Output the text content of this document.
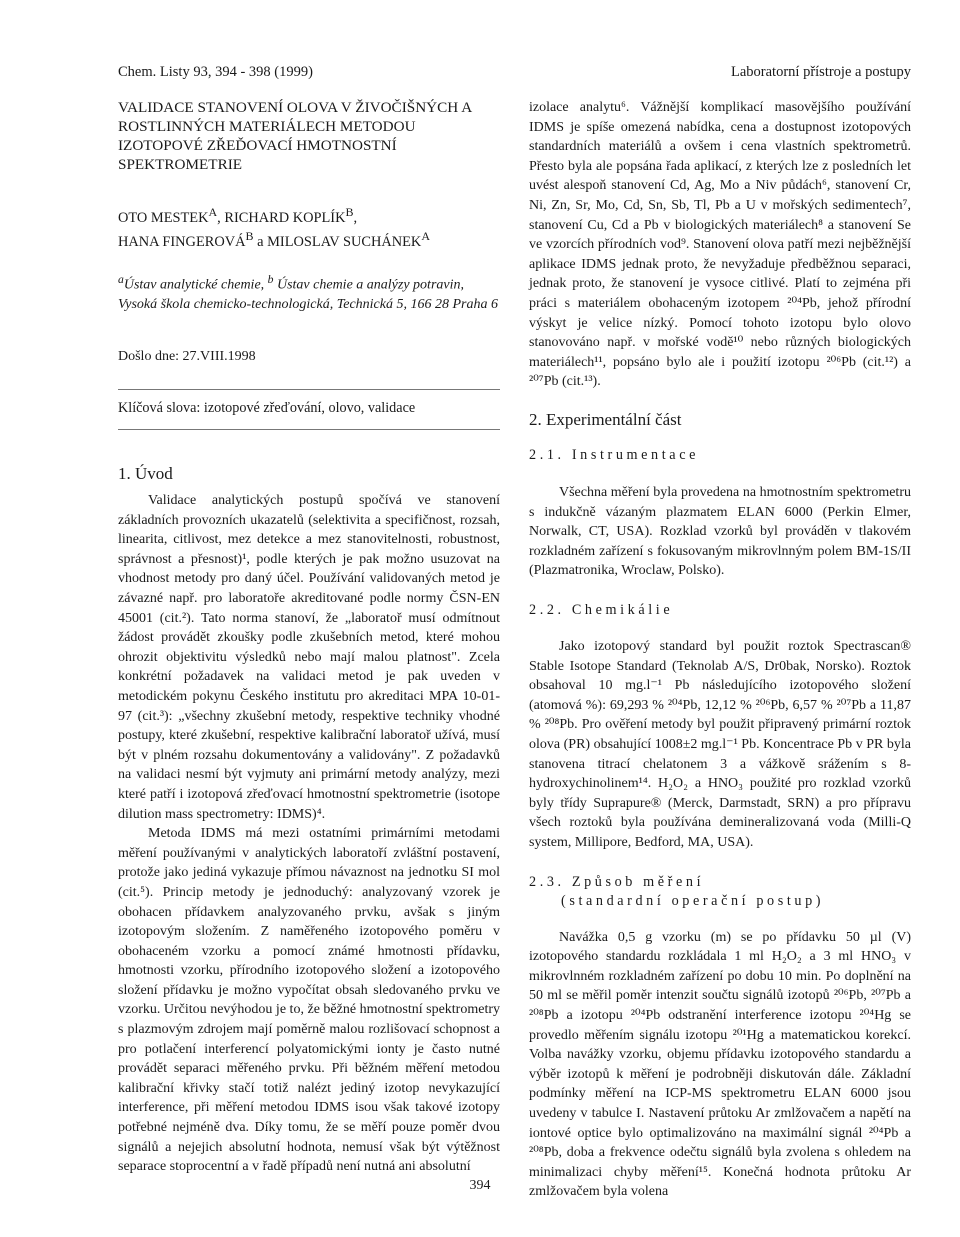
Chem. Listy 93, 394 - 398 (1999)	Laboratorní přístroje a postupy
VALIDACE STANOVENÍ OLOVA V ŽIVOČIŠNÝCH A ROSTLINNÝCH MATERIÁLECH METODOU IZOTOPOVÉ ZŘEĎOVACÍ HMOTNOSTNÍ SPEKTROMETRIE
OTO $MESTEK^A$, RICHARD $KOPLÍK^B$,
HANA $FINGEROVÁ^B$ a MILOSLAV $SUCHÁNEK^A$
$^a$Ústav analytické chemie, $^b$ Ústav chemie a analýzy potravin, Vysoká škola chemicko-technologická, Technická 5, 166 28 Praha 6
Došlo dne: 27.VIII.1998
Klíčová slova: izotopové zřeďování, olovo, validace
1. Úvod

Validace analytických postupů spočívá ve stanovení základních provozních ukazatelů (selektivita a specifičnost, rozsah, linearita, citlivost, mez detekce a mez stanovitelnosti, robustnost, správnost a přesnost)¹, podle kterých je pak možno usuzovat na vhodnost metody pro daný účel. Používání validovaných metod je závazné např. pro laboratoře akreditované podle normy ČSN-EN 45001 (cit.²). Tato norma stanoví, že „laboratoř musí odmítnout žádost provádět zkoušky podle zkušebních metod, které mohou ohrozit objektivitu výsledků nebo mají malou platnost". Zcela konkrétní požadavek na validaci metod je pak uveden v metodickém pokynu Českého institutu pro akreditaci MPA 10-01-97 (cit.³): „všechny zkušební metody, respektive techniky vhodné postupy, které zkušební, respektive kalibrační laboratoř užívá, musí být v plném rozsahu dokumentovány a validovány". Z požadavků na validaci nesmí být vyjmuty ani primární metody analýzy, mezi které patří i izotopová zřeďovací hmotnostní spektrometrie (isotope dilution mass spectrometry: IDMS)⁴.

Metoda IDMS má mezi ostatními primárními metodami měření používanými v analytických laboratoří zvláštní postavení, protože jako jediná vykazuje přímou návaznost na jednotku SI mol (cit.⁵). Princip metody je jednoduchý: analyzovaný vzorek je obohacen přídavkem analyzovaného prvku, avšak s jiným izotopovým složením. Z naměřeného izotopového poměru v obohaceném vzorku a pomocí známé hmotnosti přídavku, hmotnosti vzorku, přírodního izotopového složení a izotopového složení přídavku je možno vypočítat obsah sledovaného prvku ve vzorku. Určitou nevýhodou je to, že běžné hmotnostní spektrometry s plazmovým zdrojem mají poměrně malou rozlišovací schopnost a pro potlačení interferencí polyatomickými ionty je často nutné provádět separaci měřeného prvku. Při běžném měření metodou kalibrační křivky stačí totiž nalézt jediný izotop nevykazující interference, při měření metodou IDMS isou však takové izotopy potřebné nejméně dva. Díky tomu, že se měří pouze poměr dvou signálů a nejejich absolutní hodnota, nemusí však být výtěžnost separace stoprocentní a v řadě případů není nutná ani absolutní

izolace analytu⁶. Vážnější komplikací masovějšího používání IDMS je spíše omezená nabídka, cena a dostupnost izotopových standardních materiálů a ovšem i cena vlastních spektrometrů. Přesto byla ale popsána řada aplikací, z kterých lze z posledních let uvést alespoň stanovení Cd, Ag, Mo a Niv půdách⁶, stanovení Cr, Ni, Zn, Sr, Mo, Cd, Sn, Sb, Tl, Pb a U v mořských sedimentech⁷, stanovení Cu, Cd a Pb v biologických materiálech⁸ a stanovení Se ve vzorcích přírodních vod⁹. Stanovení olova patří mezi nejběžnější aplikace IDMS jednak proto, že nevyžaduje předběžnou separaci, jednak proto, že stanovení je vysoce citlivé. Platí to zejména při práci s materiálem obohaceným izotopem ²⁰⁴Pb, jehož přírodní výskyt je velice nízký. Pomocí tohoto izotopu bylo olovo stanovováno např. v mořské vodě¹⁰ nebo různých biologických materiálech¹¹, popsáno bylo ale i použití izotopu ²⁰⁶Pb (cit.¹²) a ²⁰⁷Pb (cit.¹³).

2. Experimentální část
2.1. Instrumentace

Všechna měření byla provedena na hmotnostním spektrometru s indukčně vázaným plazmatem ELAN 6000 (Perkin Elmer, Norwalk, CT, USA). Rozklad vzorků byl prováděn v tlakovém rozkladném zařízení s fokusovaným mikrovlnným polem BM-1S/II (Plazmatronika, Wroclaw, Polsko).

2.2. Chemikálie

Jako izotopový standard byl použit roztok Spectrascan® Stable Isotope Standard (Teknolab A/S, Dr0bak, Norsko). Roztok obsahoval 10 mg.l⁻¹ Pb následujícího izotopového složení (atomová %): 69,293 % ²⁰⁴Pb, 12,12 % ²⁰⁶Pb, 6,57 % ²⁰⁷Pb a 11,87 % ²⁰⁸Pb. Pro ověření metody byl použit připravený primární roztok olova (PR) obsahující 1008±2 mg.l⁻¹ Pb. Koncentrace Pb v PR byla stanovena titrací chelatonem 3 a vážkově srážením s 8-hydroxychinolinem¹⁴. H₂O₂ a HNO₃ použité pro rozklad vzorků byly třídy Suprapure® (Merck, Darmstadt, SRN) a pro přípravu všech roztoků byla používána demineralizovaná voda (Milli-Q system, Millipore, Bedford, MA, USA).

2.3. Způsob měření
(standardní operační postup)

Navážka 0,5 g vzorku (m) se po přídavku 50 µl (V) izotopového standardu rozkládala 1 ml H₂O₂ a 3 ml HNO₃ v mikrovlnném rozkladném zařízení po dobu 10 min. Po doplnění na 50 ml se měřil poměr intenzit součtu signálů izotopů ²⁰⁶Pb, ²⁰⁷Pb a ²⁰⁸Pb a izotopu ²⁰⁴Pb odstranění interference izotopu ²⁰⁴Hg se provedlo měřením signálu izotopu ²⁰¹Hg a matematickou korekcí. Volba navážky vzorku, objemu přídavku izotopového standardu a výběr izotopů k měření je podrobněji diskutován dále. Základní podmínky měření na ICP-MS spektrometru ELAN 6000 jsou uvedeny v tabulce I. Nastavení průtoku Ar zmlžovačem a napětí na iontové optice bylo optimalizováno na maximální signál ²⁰⁴Pb a ²⁰⁸Pb, doba a frekvence odečtu signálů byla zvolena s ohledem na minimalizaci chyby měření¹⁵. Konečná hodnota průtoku Ar zmlžovačem byla volena

394
